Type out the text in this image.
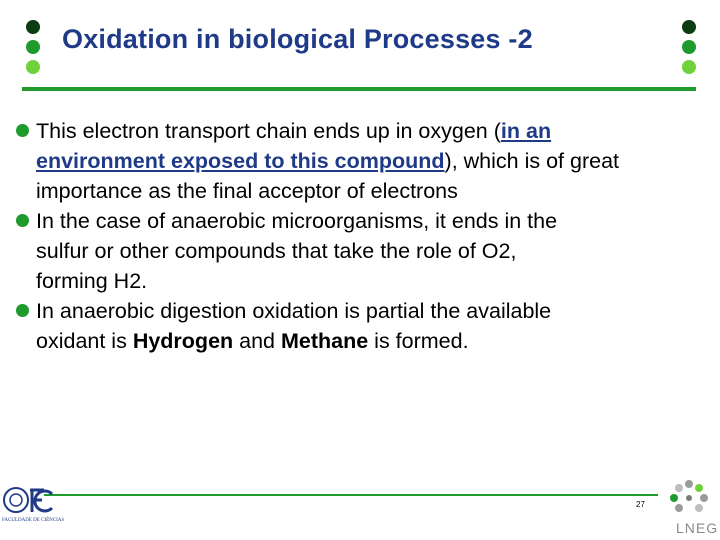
Oxidation in biological Processes -2
This electron transport chain ends up in oxygen (in an
environment exposed to this compound), which is of great
importance as the final acceptor of electrons
In the case of anaerobic microorganisms, it ends in the
sulfur or other compounds that take the role of O2,
forming H2.
In anaerobic digestion oxidation is partial the available
oxidant is Hydrogen and Methane is formed.
27
FACULDADE DE CIÊNCIAS	LNEG
